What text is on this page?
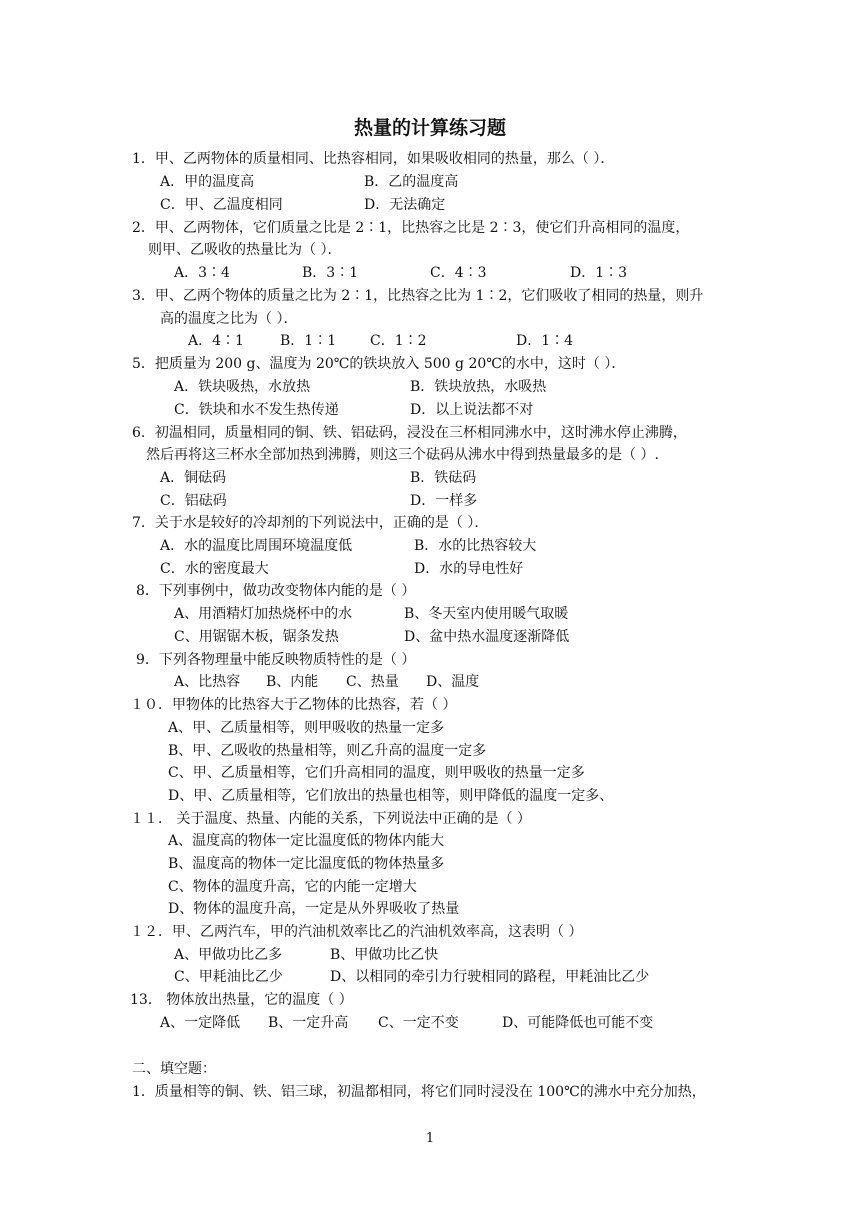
热量的计算练习题
1．甲、乙两物体的质量相同、比热容相同，如果吸收相同的热量，那么（ ）．
A．甲的温度高	B．乙的温度高
C．甲、乙温度相同	D．无法确定
2．甲、乙两物体，它们质量之比是 2∶1，比热容之比是 2∶3，使它们升高相同的温度，
则甲、乙吸收的热量比为（ ）．
A．3∶4	B．3∶1	C．4∶3	D．1∶3
3．甲、乙两个物体的质量之比为 2∶1，比热容之比为 1∶2，它们吸收了相同的热量，则升
高的温度之比为（ ）．
A．4∶1	B．1∶1 C．1∶2	D．1∶4
5．把质量为 200 g、温度为 20℃的铁块放入 500 g 20℃的水中，这时（ ）．
A．铁块吸热，水放热	B．铁块放热，水吸热
C．铁块和水不发生热传递	D．以上说法都不对
6．初温相同，质量相同的铜、铁、铝砝码，浸没在三杯相同沸水中，这时沸水停止沸腾，
然后再将这三杯水全部加热到沸腾，则这三个砝码从沸水中得到热量最多的是（ ）.
A．铜砝码	B．铁砝码
C．铝砝码	D．一样多
7．关于水是较好的冷却剂的下列说法中，正确的是（ ）．
A．水的温度比周围环境温度低	B．水的比热容较大
C．水的密度最大	D．水的导电性好
8．下列事例中，做功改变物体内能的是（ ）
A、用酒精灯加热烧杯中的水	B、冬天室内使用暖气取暖
C、用锯锯木板，锯条发热	D、盆中热水温度逐渐降低
9．下列各物理量中能反映物质特性的是（ ）
A、比热容 B、内能 C、热量 D、温度
１０．甲物体的比热容大于乙物体的比热容，若（ ）
A、甲、乙质量相等，则甲吸收的热量一定多
B、甲、乙吸收的热量相等，则乙升高的温度一定多
C、甲、乙质量相等，它们升高相同的温度，则甲吸收的热量一定多
D、甲、乙质量相等，它们放出的热量也相等，则甲降低的温度一定多、
１１． 关于温度、热量、内能的关系，下列说法中正确的是（ ）
A、温度高的物体一定比温度低的物体内能大
B、温度高的物体一定比温度低的物体热量多
C、物体的温度升高，它的内能一定增大
D、物体的温度升高，一定是从外界吸收了热量
１２．甲、乙两汽车，甲的汽油机效率比乙的汽油机效率高，这表明（ ）
A、甲做功比乙多	B、甲做功比乙快
C、甲耗油比乙少	D、以相同的牵引力行驶相同的路程，甲耗油比乙少
13． 物体放出热量，它的温度（ ）
A、一定降低 B、一定升高 C、一定不变	D、可能降低也可能不变
二、填空题：
1．质量相等的铜、铁、铝三球，初温都相同，将它们同时浸没在 100℃的沸水中充分加热，
1
